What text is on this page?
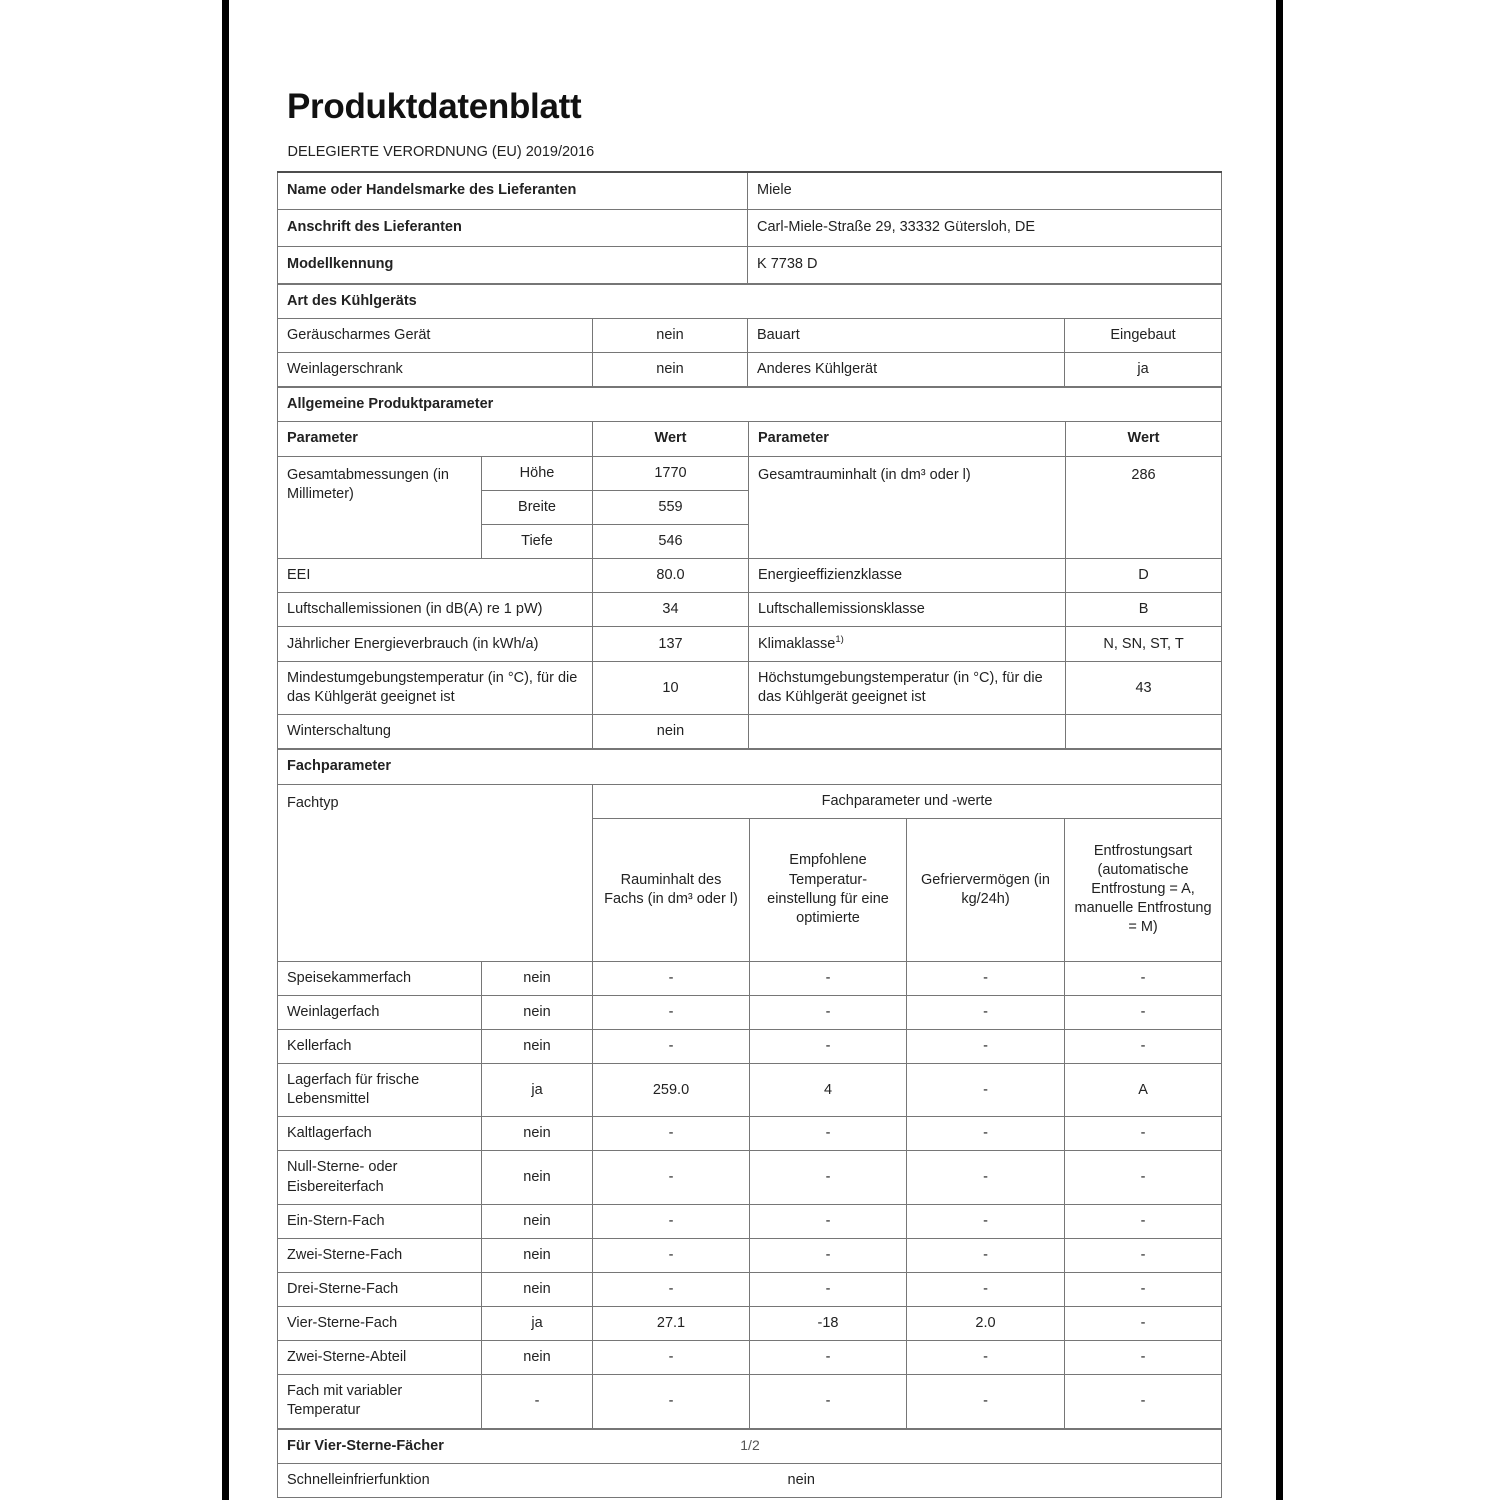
Produktdatenblatt
DELEGIERTE VERORDNUNG (EU) 2019/2016	
Name oder Handelsmarke des Lieferanten	Miele
Anschrift des Lieferanten	Carl-Miele-Straße 29, 33332 Gütersloh, DE
Modellkennung	K 7738 D
Art des Kühlgeräts			
Geräuscharmes Gerät	nein	Bauart	Eingebaut
Weinlagerschrank	nein	Anderes Kühlgerät	ja
Allgemeine Produktparameter				
Parameter		Wert	Parameter	Wert
Gesamtabmessungen (in Millimeter)	Höhe	1770	Gesamtrauminhalt (in dm³ oder l)	286
	Breite	559		
	Tiefe	546		
EEI		80.0	Energieeffizienzklasse	D
Luftschallemissionen (in dB(A) re 1 pW)		34	Luftschallemissionsklasse	B
Jährlicher Energieverbrauch (in kWh/a)		137	Klimaklasse$^{1)}$	N, SN, ST, T
Mindestumgebungstemperatur (in °C), für die das Kühlgerät geeignet ist		10	Höchstumgebungstemperatur (in °C), für die das Kühlgerät geeignet ist	43
Winterschaltung		nein		
Fachparameter					
Fachtyp		Fachparameter und -werte			
		Rauminhalt des Fachs (in dm³ oder l)	Empfohlene Temperatur-einstellung für eine optimierte	Gefriervermögen (in kg/24h)	Entfrostungsart (automatische Entfrostung = A, manuelle Entfrostung = M)
Speisekammerfach	nein	-	-	-	-
Weinlagerfach	nein	-	-	-	-
Kellerfach	nein	-	-	-	-
Lagerfach für frische Lebensmittel	ja	259.0	4	-	A
Kaltlagerfach	nein	-	-	-	-
Null-Sterne- oder Eisbereiterfach	nein	-	-	-	-
Ein-Stern-Fach	nein	-	-	-	-
Zwei-Sterne-Fach	nein	-	-	-	-
Drei-Sterne-Fach	nein	-	-	-	-
Vier-Sterne-Fach	ja	27.1	-18	2.0	-
Zwei-Sterne-Abteil	nein	-	-	-	-
Fach mit variabler Temperatur	-	-	-	-	-
Für Vier-Sterne-Fächer
Schnelleinfrierfunktion	nein
1/2
